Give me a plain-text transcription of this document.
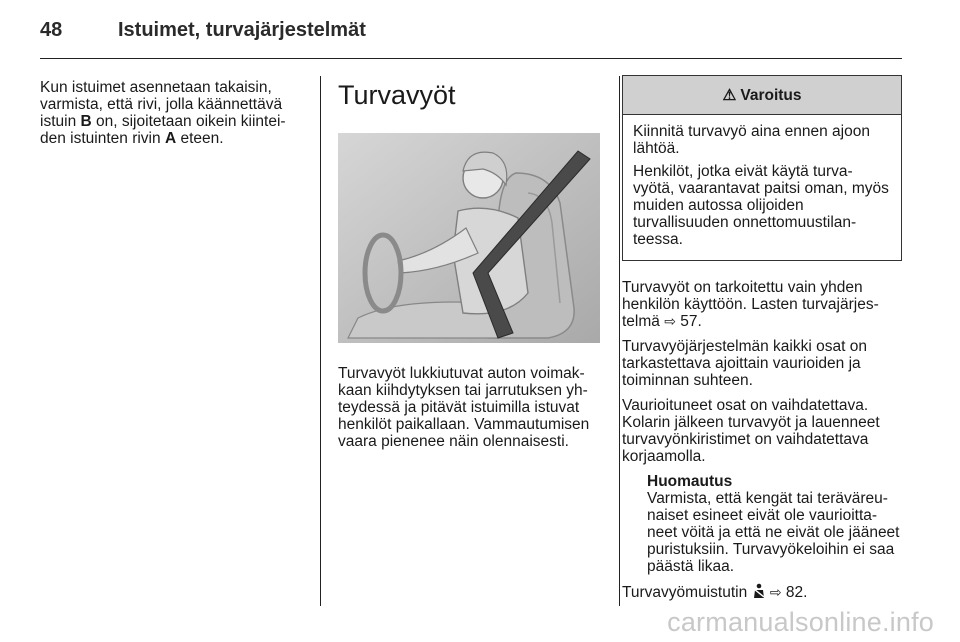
48	Istuimet, turvajärjestelmät

Kun istuimet asennetaan takaisin, varmista, että rivi, jolla käännettävä istuin B on, sijoitetaan oikein kiintei-den istuinten rivin A eteen.

Turvavyöt

Turvavyöt lukkiutuvat auton voimak-kaan kiihdytyksen tai jarrutuksen yh-teydessä ja pitävät istuimilla istuvat henkilöt paikallaan. Vammautumisen vaara pienenee näin olennaisesti.

⚠ Varoitus

Kiinnitä turvavyö aina ennen ajoon lähtöä.

Henkilöt, jotka eivät käytä turva-vyötä, vaarantavat paitsi oman, myös muiden autossa olijoiden turvallisuuden onnettomuustilan-teessa.

Turvavyöt on tarkoitettu vain yhden henkilön käyttöön. Lasten turvajärjes-telmä ⇨ 57.

Turvavyöjärjestelmän kaikki osat on tarkastettava ajoittain vaurioiden ja toiminnan suhteen.

Vaurioituneet osat on vaihdatettava. Kolarin jälkeen turvavyöt ja lauenneet turvavyönkiristimet on vaihdatettava korjaamolla.

Huomautus
Varmista, että kengät tai teräväreu-naiset esineet eivät ole vaurioitta-neet vöitä ja että ne eivät ole jääneet puristuksiin. Turvavyökeloihin ei saa päästä likaa.

Turvavyömuistutin  ⇨ 82.

carmanualsonline.info
